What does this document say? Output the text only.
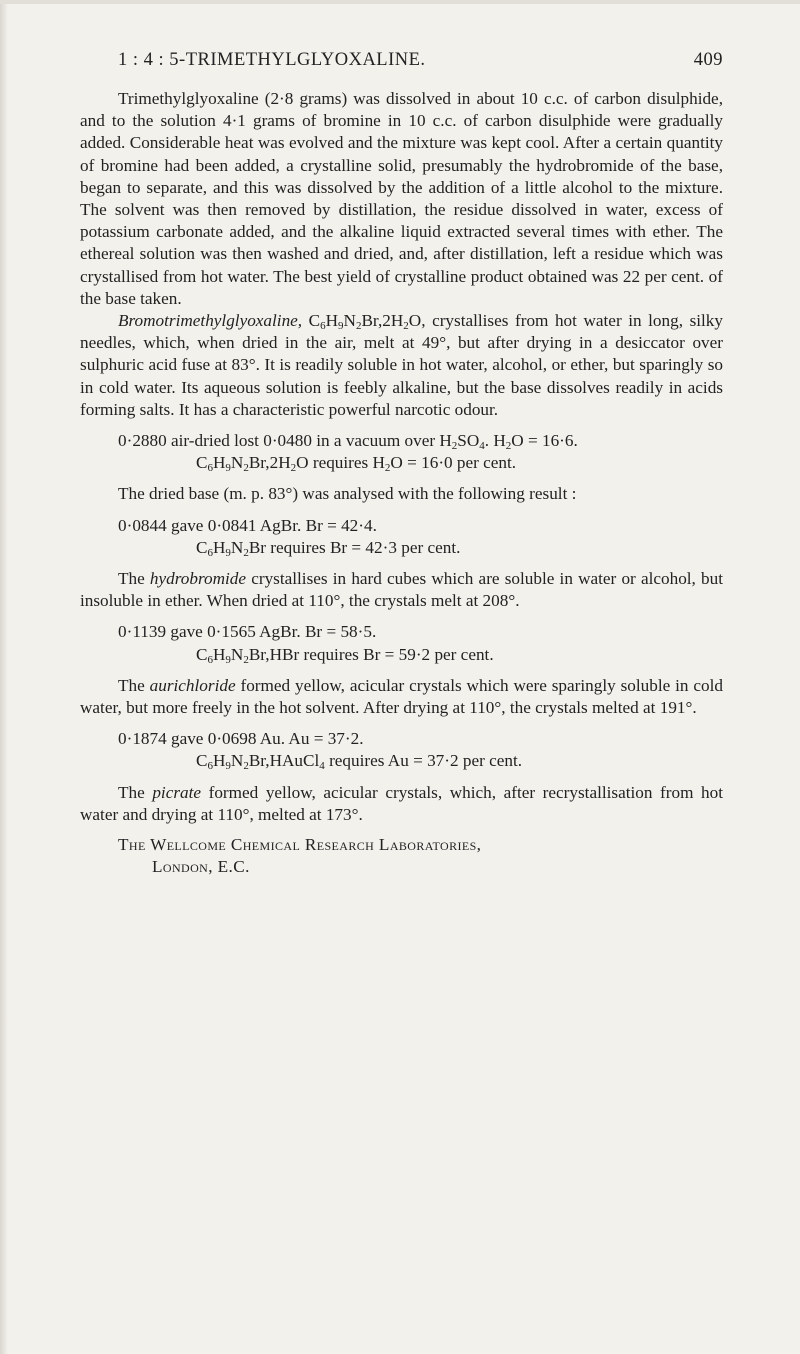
1 : 4 : 5-TRIMETHYLGLYOXALINE.	409

Trimethylglyoxaline (2·8 grams) was dissolved in about 10 c.c. of carbon disulphide, and to the solution 4·1 grams of bromine in 10 c.c. of carbon disulphide were gradually added. Considerable heat was evolved and the mixture was kept cool. After a certain quantity of bromine had been added, a crystalline solid, presumably the hydrobromide of the base, began to separate, and this was dissolved by the addition of a little alcohol to the mixture. The solvent was then removed by distillation, the residue dissolved in water, excess of potassium carbonate added, and the alkaline liquid extracted several times with ether. The ethereal solution was then washed and dried, and, after distillation, left a residue which was crystallised from hot water. The best yield of crystalline product obtained was 22 per cent. of the base taken.

Bromotrimethylglyoxaline, $C_6H_9N_2Br,2H_2O$, crystallises from hot water in long, silky needles, which, when dried in the air, melt at 49°, but after drying in a desiccator over sulphuric acid fuse at 83°. It is readily soluble in hot water, alcohol, or ether, but sparingly so in cold water. Its aqueous solution is feebly alkaline, but the base dissolves readily in acids forming salts. It has a characteristic powerful narcotic odour.

0·2880 air-dried lost 0·0480 in a vacuum over $H_2SO_4$. $H_2O = 16\cdot 6$.
$C_6H_9N_2Br,2H_2O$ requires $H_2O = 16\cdot 0$ per cent.

The dried base (m. p. 83°) was analysed with the following result :

0·0844 gave 0·0841 AgBr. Br = 42·4.
$C_6H_9N_2Br$ requires Br = 42·3 per cent.

The hydrobromide crystallises in hard cubes which are soluble in water or alcohol, but insoluble in ether. When dried at 110°, the crystals melt at 208°.

0·1139 gave 0·1565 AgBr. Br = 58·5.
$C_6H_9N_2Br,HBr$ requires Br = 59·2 per cent.

The aurichloride formed yellow, acicular crystals which were sparingly soluble in cold water, but more freely in the hot solvent. After drying at 110°, the crystals melted at 191°.

0·1874 gave 0·0698 Au. Au = 37·2.
$C_6H_9N_2Br,HAuCl_4$ requires Au = 37·2 per cent.

The picrate formed yellow, acicular crystals, which, after recrystallisation from hot water and drying at 110°, melted at 173°.

The Wellcome Chemical Research Laboratories,
London, E.C.
